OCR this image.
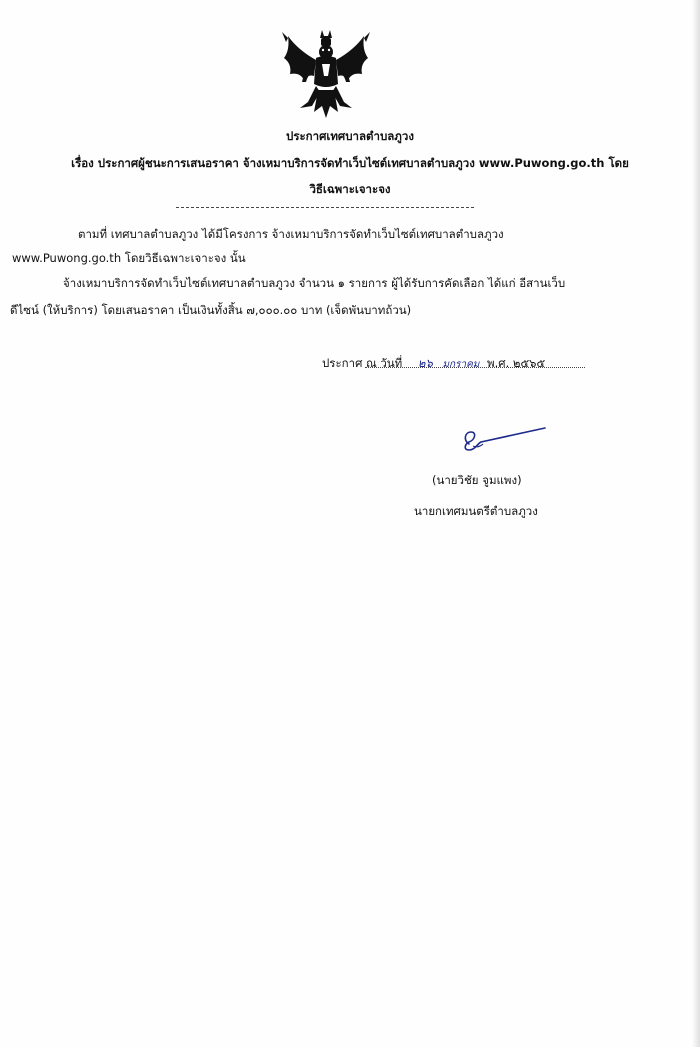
ประกาศเทศบาลตำบลภูวง
เรื่อง ประกาศผู้ชนะการเสนอราคา จ้างเหมาบริการจัดทำเว็บไซต์เทศบาลตำบลภูวง www.Puwong.go.th โดย
วิธีเฉพาะเจาะจง
ตามที่ เทศบาลตำบลภูวง ได้มีโครงการ จ้างเหมาบริการจัดทำเว็บไซต์เทศบาลตำบลภูวง
www.Puwong.go.th โดยวิธีเฉพาะเจาะจง นั้น
จ้างเหมาบริการจัดทำเว็บไซต์เทศบาลตำบลภูวง จำนวน ๑ รายการ ผู้ได้รับการคัดเลือก ได้แก่ อีสานเว็บ
ดีไซน์ (ให้บริการ) โดยเสนอราคา เป็นเงินทั้งสิ้น ๗,๐๐๐.๐๐ บาท (เจ็ดพันบาทถ้วน)
ประกาศ ณ วันที่ ๒๖ มกราคม พ.ศ. ๒๕๖๕
(นายวิชัย จูมแพง)
นายกเทศมนตรีตำบลภูวง
